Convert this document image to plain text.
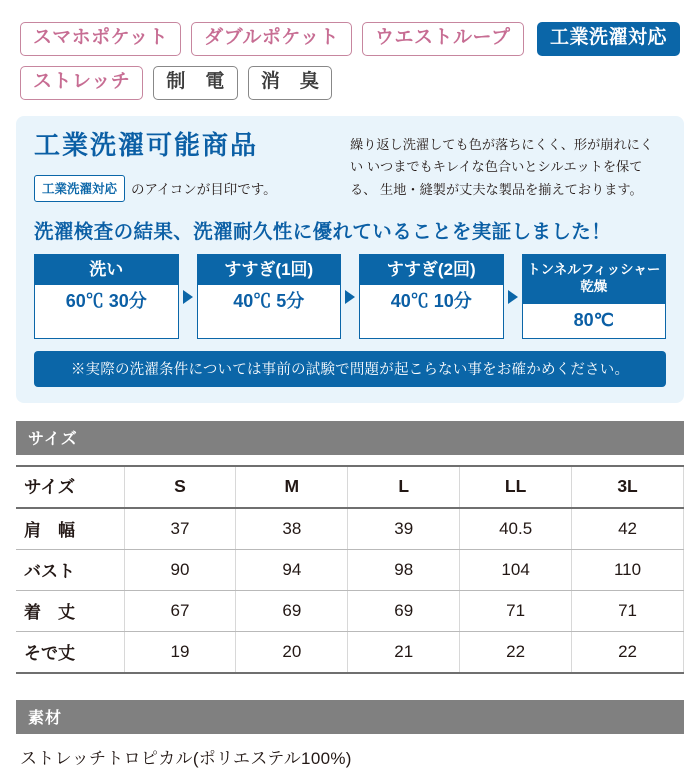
スマホポケット	ダブルポケット	ウエストループ	工業洗濯対応
ストレッチ	制　電	消　臭
工業洗濯可能商品
工業洗濯対応	のアイコンが目印です。
繰り返し洗濯しても色が落ちにくく、形が崩れにくい いつまでもキレイな色合いとシルエットを保てる、 生地・縫製が丈夫な製品を揃えております。
洗濯検査の結果、洗濯耐久性に優れていることを実証しました！
洗い
60℃ 30分
すすぎ(1回)
40℃ 5分
すすぎ(2回)
40℃ 10分
トンネルフィッシャー乾燥
80℃
※実際の洗濯条件については事前の試験で問題が起こらない事をお確かめください。
サイズ
サイズ	S	M	L	LL	3L
肩　幅	37	38	39	40.5	42
バスト	90	94	98	104	110
着　丈	67	69	69	71	71
そで丈	19	20	21	22	22
素材
ストレッチトロピカル(ポリエステル100%)
